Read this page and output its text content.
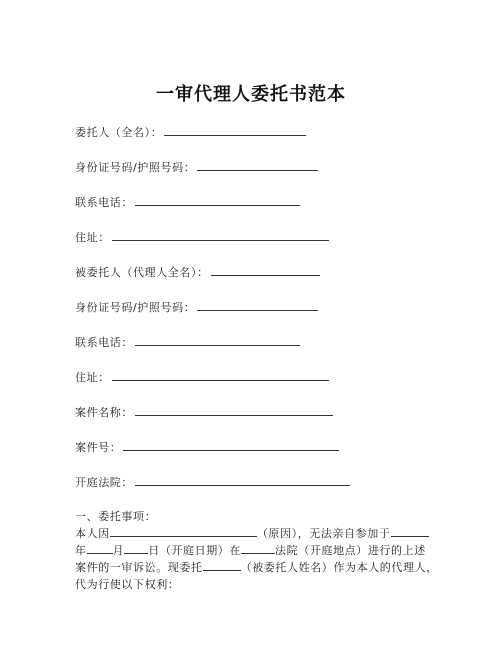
一审代理人委托书范本
委托人（全名）：
身份证号码/护照号码：
联系电话：
住址：
被委托人（代理人全名）：
身份证号码/护照号码：
联系电话：
住址：
案件名称：
案件号：
开庭法院：
一、委托事项：
本人因	（原因），无法亲自参加于
年 月 日（开庭日期）在	法院（开庭地点）进行的上述
案件的一审诉讼。现委托	（被委托人姓名）作为本人的代理人，
代为行使以下权利：
